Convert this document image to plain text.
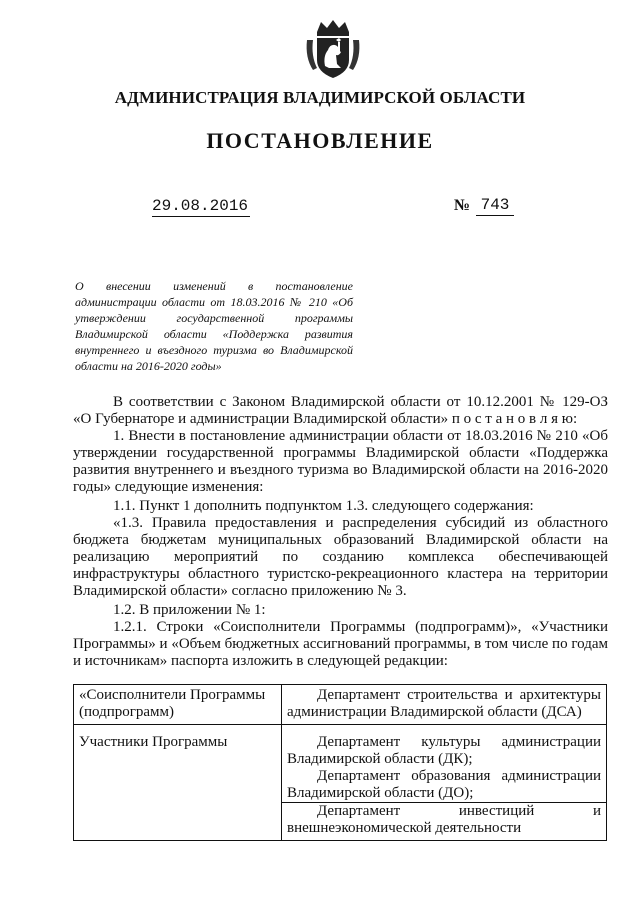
АДМИНИСТРАЦИЯ ВЛАДИМИРСКОЙ ОБЛАСТИ
ПОСТАНОВЛЕНИЕ
29.08.2016	№ 743
О внесении изменений в постановление администрации области от 18.03.2016 № 210 «Об утверждении государственной программы Владимирской области «Поддержка развития внутреннего и въездного туризма во Владимирской области на 2016-2020 годы»

В соответствии с Законом Владимирской области от 10.12.2001 № 129-ОЗ «О Губернаторе и администрации Владимирской области» п о с т а н о в л я ю:

1. Внести в постановление администрации области от 18.03.2016 № 210 «Об утверждении государственной программы Владимирской области «Поддержка развития внутреннего и въездного туризма во Владимирской области на 2016-2020 годы» следующие изменения:

1.1. Пункт 1 дополнить подпунктом 1.3. следующего содержания:

«1.3. Правила предоставления и распределения субсидий из областного бюджета бюджетам муниципальных образований Владимирской области на реализацию мероприятий по созданию комплекса обеспечивающей инфраструктуры областного туристско-рекреационного кластера на территории Владимирской области» согласно приложению № 3.

1.2. В приложении № 1:

1.2.1. Строки «Соисполнители Программы (подпрограмм)», «Участники Программы» и «Объем бюджетных ассигнований программы, в том числе по годам и источникам» паспорта изложить в следующей редакции:

«Соисполнители Программы (подпрограмм)	Департамент строительства и архитектуры администрации Владимирской области (ДСА)

Участники Программы	Департамент культуры администрации Владимирской области (ДК);

Департамент образования администрации Владимирской области (ДО);

Департамент инвестиций и внешнеэкономической деятельности
